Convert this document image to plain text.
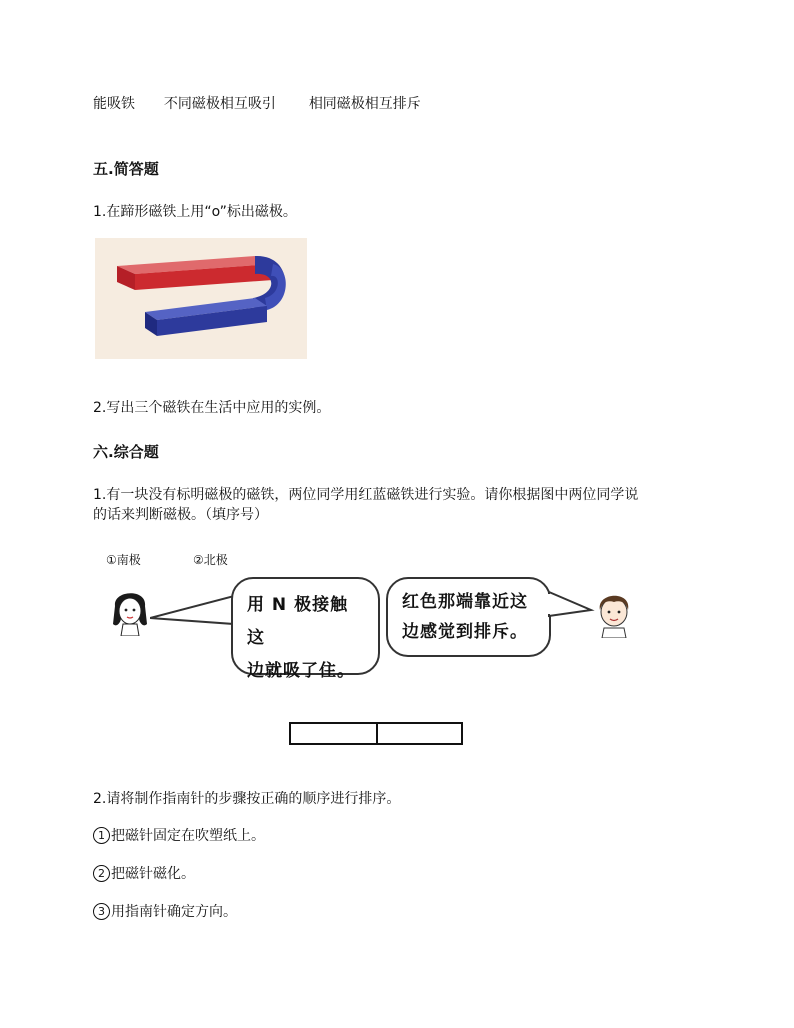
能吸铁 不同磁极相互吸引 相同磁极相互排斥
五.简答题
1.在蹄形磁铁上用“o”标出磁极。
2.写出三个磁铁在生活中应用的实例。
六.综合题
1.有一块没有标明磁极的磁铁，两位同学用红蓝磁铁进行实验。请你根据图中两位同学说
的话来判断磁极。（填序号）
①南极	②北极
用 N 极接触这
边就吸了住。
红色那端靠近这
边感觉到排斥。
2.请将制作指南针的步骤按正确的顺序进行排序。
1 把磁针固定在吹塑纸上。
2 把磁针磁化。
3 用指南针确定方向。
